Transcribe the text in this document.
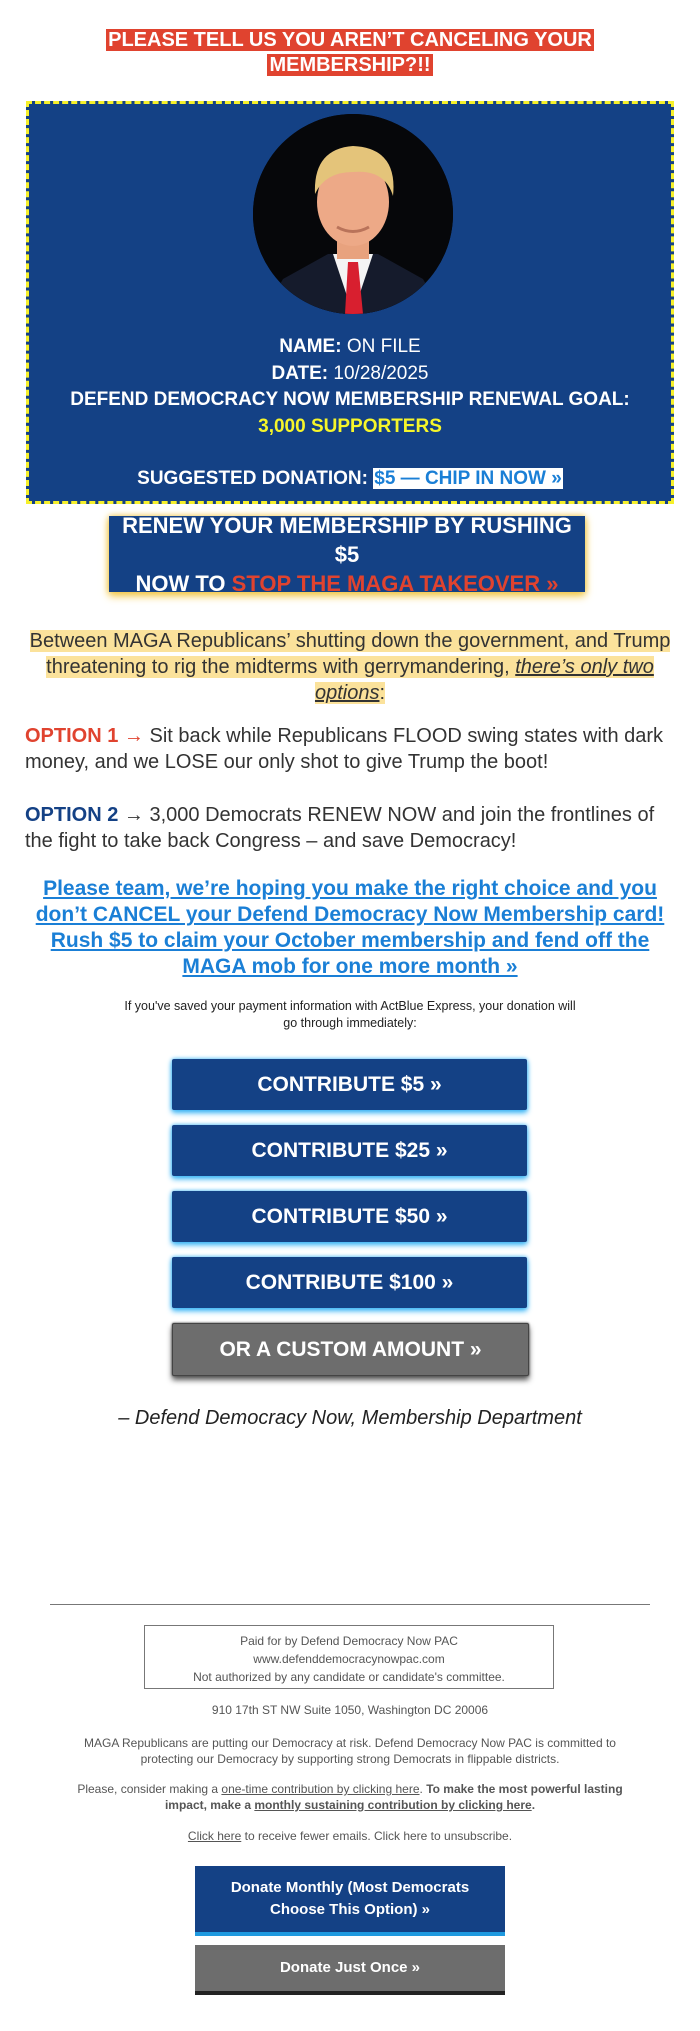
PLEASE TELL US YOU AREN’T CANCELING YOUR
MEMBERSHIP?!!
NAME: ON FILE
DATE: 10/28/2025
DEFEND DEMOCRACY NOW MEMBERSHIP RENEWAL GOAL:
3,000 SUPPORTERS
SUGGESTED DONATION: $5 — CHIP IN NOW »
RENEW YOUR MEMBERSHIP BY RUSHING $5
NOW TO STOP THE MAGA TAKEOVER »
Between MAGA Republicans’ shutting down the government, and Trump threatening to rig the midterms with gerrymandering, there’s only two options:
OPTION 1 → Sit back while Republicans FLOOD swing states with dark money, and we LOSE our only shot to give Trump the boot!
OPTION 2 → 3,000 Democrats RENEW NOW and join the frontlines of the fight to take back Congress – and save Democracy!
Please team, we’re hoping you make the right choice and you don’t CANCEL your Defend Democracy Now Membership card! Rush $5 to claim your October membership and fend off the MAGA mob for one more month »
If you've saved your payment information with ActBlue Express, your donation will go through immediately:
CONTRIBUTE $5 »
CONTRIBUTE $25 »
CONTRIBUTE $50 »
CONTRIBUTE $100 »
OR A CUSTOM AMOUNT »
– Defend Democracy Now, Membership Department
Paid for by Defend Democracy Now PAC
www.defenddemocracynowpac.com
Not authorized by any candidate or candidate's committee.
910 17th ST NW Suite 1050, Washington DC 20006
MAGA Republicans are putting our Democracy at risk. Defend Democracy Now PAC is committed to protecting our Democracy by supporting strong Democrats in flippable districts.
Please, consider making a one-time contribution by clicking here. To make the most powerful lasting impact, make a monthly sustaining contribution by clicking here.
Click here to receive fewer emails. Click here to unsubscribe.
Donate Monthly (Most Democrats Choose This Option) »
Donate Just Once »
